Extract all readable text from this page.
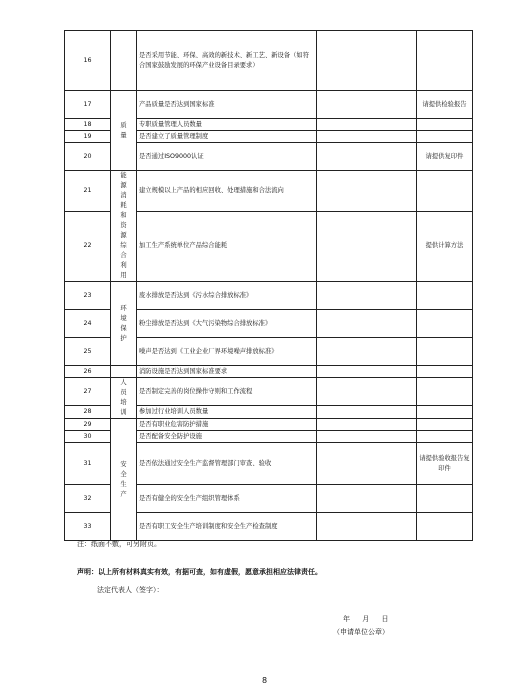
16		是否采用节能、环保、高效的新技术、新工艺、新设备（如符合国家鼓励发展的环保产业设备目录要求）		
17	质量	产品质量是否达到国家标准		请提供检验报告
18		专职质量管理人员数量		
19		是否建立了质量管理制度		
20		是否通过ISO9000认证		请提供复印件
21	能源消耗和资源综合利用	建立规模以上产品的相应回收、处理措施和合法流向		
22		加工生产系统单位产品综合能耗		提供计算方法
23	环境保护	废水排放是否达到《污水综合排放标准》		
24		粉尘排放是否达到《大气污染物综合排放标准》		
25		噪声是否达到《工业企业厂界环境噪声排放标准》		
26		消防设施是否达到国家标准要求		
27	人员培训	是否制定完善的岗位操作守则和工作流程		
28		参加过行业培训人员数量		
29	安全生产	是否有职业危害防护措施		
30		是否配备安全防护设施		
31		是否依法通过安全生产监督管理部门审查、验收		请提供验收报告复印件
32		是否有健全的安全生产组织管理体系		
33		是否有职工安全生产培训制度和安全生产检查制度		
注：纸面不敷，可另附页。
声明：以上所有材料真实有效，有据可查，如有虚假，愿意承担相应法律责任。
法定代表人（签字）：
年 月 日
（申请单位公章）
8
